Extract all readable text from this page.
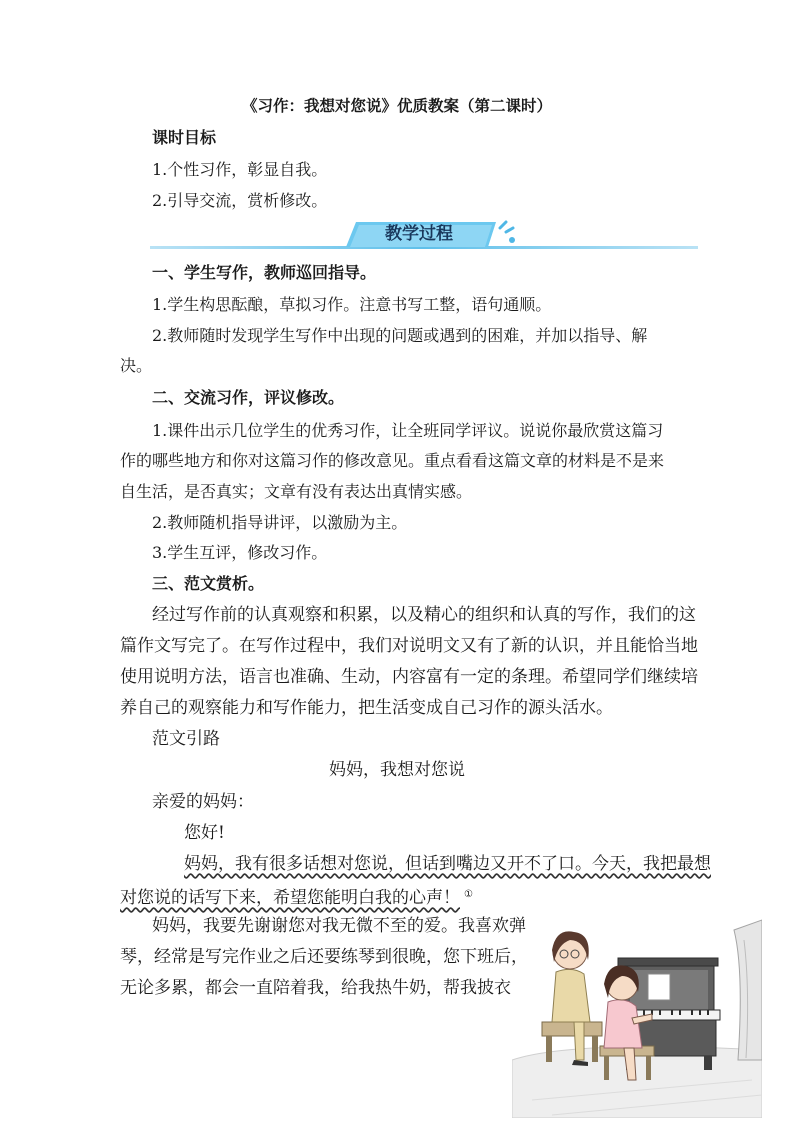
《习作：我想对您说》优质教案（第二课时）
课时目标
1.个性习作，彰显自我。
2.引导交流，赏析修改。
教学过程
一、学生写作，教师巡回指导。
1.学生构思酝酿，草拟习作。注意书写工整，语句通顺。
2.教师随时发现学生写作中出现的问题或遇到的困难，并加以指导、解
决。
二、交流习作，评议修改。
1.课件出示几位学生的优秀习作，让全班同学评议。说说你最欣赏这篇习
作的哪些地方和你对这篇习作的修改意见。重点看看这篇文章的材料是不是来
自生活，是否真实；文章有没有表达出真情实感。
2.教师随机指导讲评，以激励为主。
3.学生互评，修改习作。
三、范文赏析。
经过写作前的认真观察和积累，以及精心的组织和认真的写作，我们的这
篇作文写完了。在写作过程中，我们对说明文又有了新的认识，并且能恰当地
使用说明方法，语言也准确、生动，内容富有一定的条理。希望同学们继续培
养自己的观察能力和写作能力，把生活变成自己习作的源头活水。
范文引路
妈妈，我想对您说
亲爱的妈妈：
您好!
妈妈，我有很多话想对您说，但话到嘴边又开不了口。今天，我把最想
对您说的话写下来，希望您能明白我的心声！ ①
妈妈，我要先谢谢您对我无微不至的爱。我喜欢弹
琴，经常是写完作业之后还要练琴到很晚，您下班后，
无论多累，都会一直陪着我，给我热牛奶，帮我披衣
